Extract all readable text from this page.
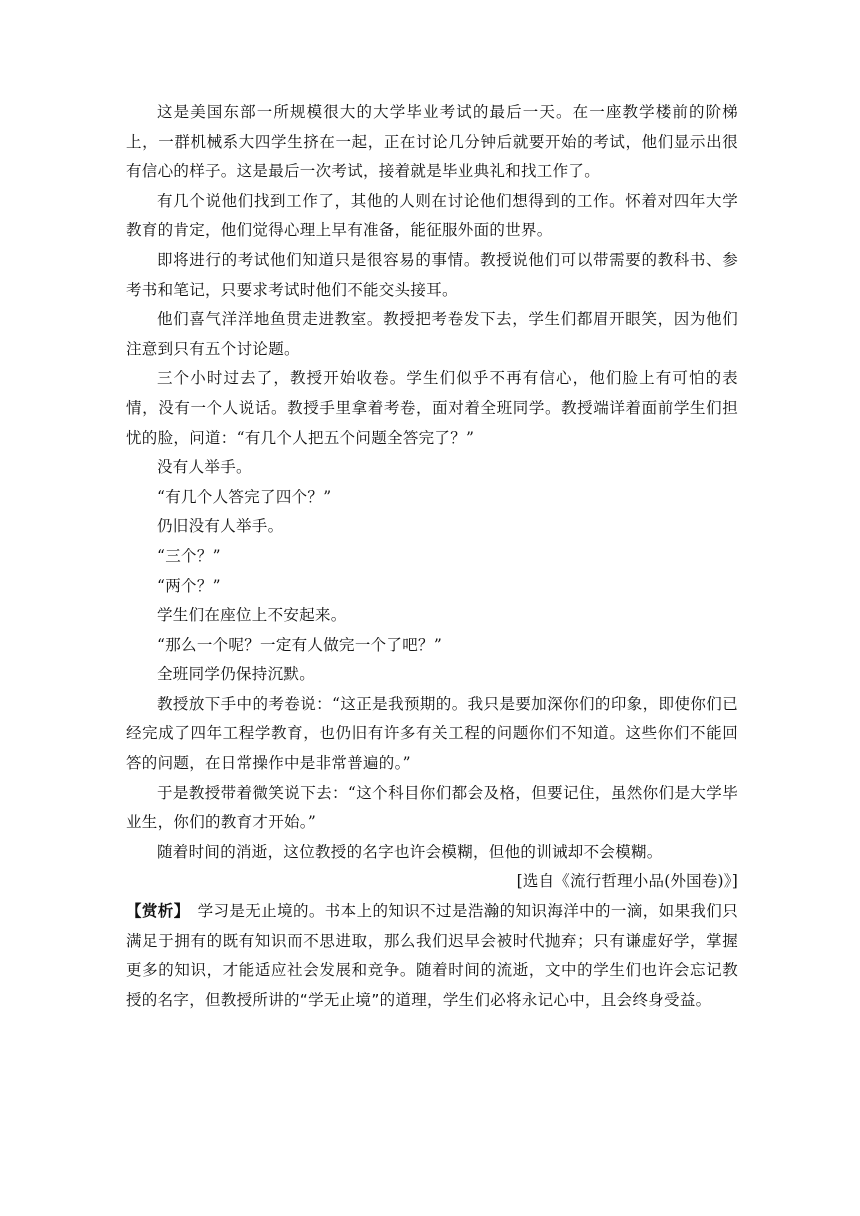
这是美国东部一所规模很大的大学毕业考试的最后一天。在一座教学楼前的阶梯上，一群机械系大四学生挤在一起，正在讨论几分钟后就要开始的考试，他们显示出很有信心的样子。这是最后一次考试，接着就是毕业典礼和找工作了。

有几个说他们找到工作了，其他的人则在讨论他们想得到的工作。怀着对四年大学教育的肯定，他们觉得心理上早有准备，能征服外面的世界。

即将进行的考试他们知道只是很容易的事情。教授说他们可以带需要的教科书、参考书和笔记，只要求考试时他们不能交头接耳。

他们喜气洋洋地鱼贯走进教室。教授把考卷发下去，学生们都眉开眼笑，因为他们注意到只有五个讨论题。

三个小时过去了，教授开始收卷。学生们似乎不再有信心，他们脸上有可怕的表情，没有一个人说话。教授手里拿着考卷，面对着全班同学。教授端详着面前学生们担忧的脸，问道：“有几个人把五个问题全答完了？”

没有人举手。

“有几个人答完了四个？”

仍旧没有人举手。

“三个？”

“两个？”

学生们在座位上不安起来。

“那么一个呢？一定有人做完一个了吧？”

全班同学仍保持沉默。

教授放下手中的考卷说：“这正是我预期的。我只是要加深你们的印象，即使你们已经完成了四年工程学教育，也仍旧有许多有关工程的问题你们不知道。这些你们不能回答的问题，在日常操作中是非常普遍的。”

于是教授带着微笑说下去：“这个科目你们都会及格，但要记住，虽然你们是大学毕业生，你们的教育才开始。”

随着时间的消逝，这位教授的名字也许会模糊，但他的训诫却不会模糊。

[选自《流行哲理小品(外国卷)》]

【赏析】 学习是无止境的。书本上的知识不过是浩瀚的知识海洋中的一滴，如果我们只满足于拥有的既有知识而不思进取，那么我们迟早会被时代抛弃；只有谦虚好学，掌握更多的知识，才能适应社会发展和竞争。随着时间的流逝，文中的学生们也许会忘记教授的名字，但教授所讲的“学无止境”的道理，学生们必将永记心中，且会终身受益。
